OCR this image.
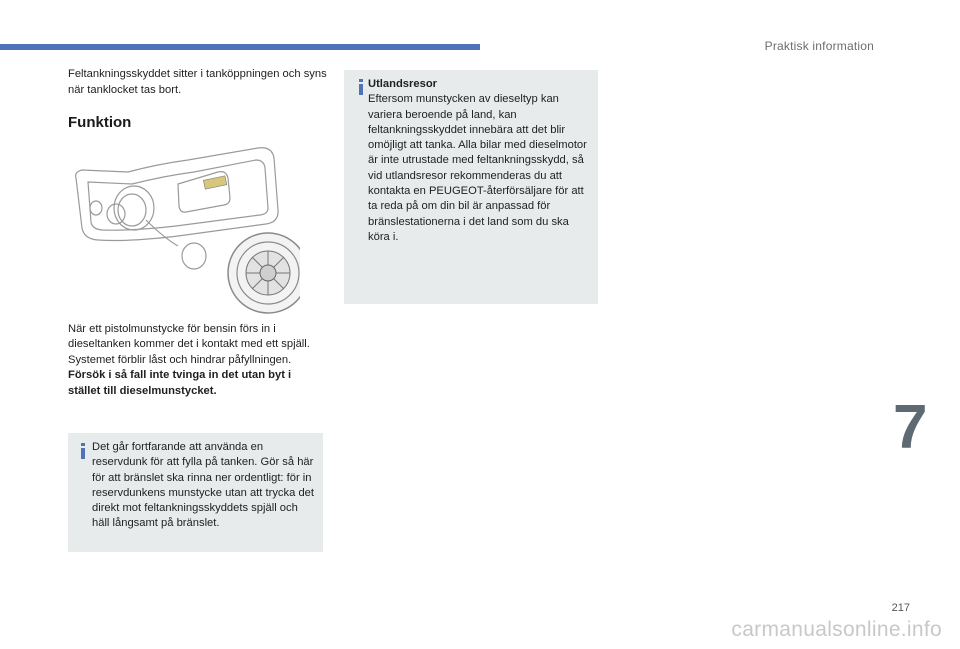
Praktisk information
Feltankningsskyddet sitter i tanköppningen och syns när tanklocket tas bort.
Funktion

När ett pistolmunstycke för bensin förs in i dieseltanken kommer det i kontakt med ett spjäll. Systemet förblir låst och hindrar påfyllningen.

Försök i så fall inte tvinga in det utan byt i stället till dieselmunstycket.

Det går fortfarande att använda en reservdunk för att fylla på tanken. Gör så här för att bränslet ska rinna ner ordentligt: för in reservdunkens munstycke utan att trycka det direkt mot feltankningsskyddets spjäll och häll långsamt på bränslet.

Utlandsresor

Eftersom munstycken av dieseltyp kan variera beroende på land, kan feltankningsskyddet innebära att det blir omöjligt att tanka. Alla bilar med dieselmotor är inte utrustade med feltankningsskydd, så vid utlandsresor rekommenderas du att kontakta en PEUGEOT-återförsäljare för att ta reda på om din bil är anpassad för bränslestationerna i det land som du ska köra i.

7
217
carmanualsonline.info
